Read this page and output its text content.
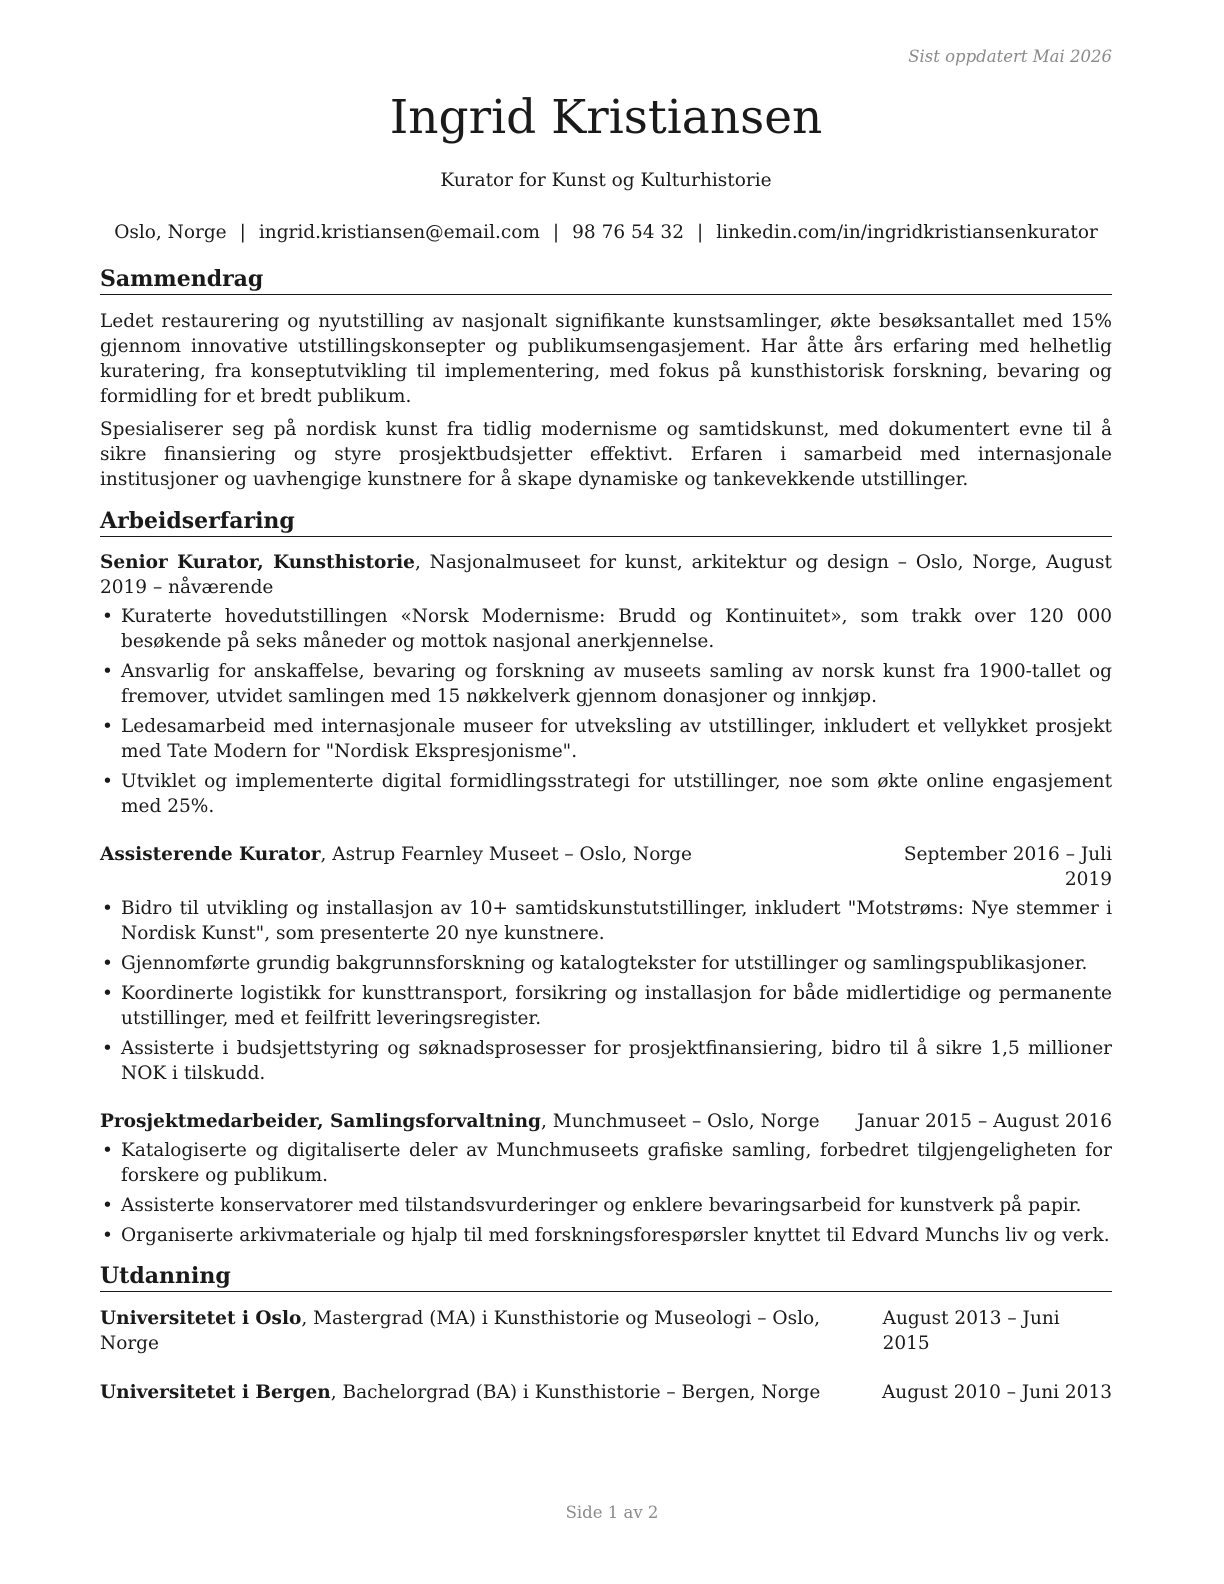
Sist oppdatert Mai 2026
Ingrid Kristiansen
Kurator for Kunst og Kulturhistorie
Oslo, Norge | ingrid.kristiansen@email.com | 98 76 54 32 | linkedin.com/in/ingridkristiansenkurator
Sammendrag

Ledet restaurering og nyutstilling av nasjonalt signifikante kunstsamlinger, økte besøksantallet med 15% gjennom innovative utstillingskonsepter og publikumsengasjement. Har åtte års erfaring med helhetlig kuratering, fra konseptutvikling til implementering, med fokus på kunsthistorisk forskning, bevaring og formidling for et bredt publikum.

Spesialiserer seg på nordisk kunst fra tidlig modernisme og samtidskunst, med dokumentert evne til å sikre finansiering og styre prosjektbudsjetter effektivt. Erfaren i samarbeid med internasjonale institusjoner og uavhengige kunstnere for å skape dynamiske og tankevekkende utstillinger.

Arbeidserfaring

Senior Kurator, Kunsthistorie, Nasjonalmuseet for kunst, arkitektur og design – Oslo, Norge, August 2019 – nåværende

• Kuraterte hovedutstillingen «Norsk Modernisme: Brudd og Kontinuitet», som trakk over 120 000 besøkende på seks måneder og mottok nasjonal anerkjennelse.
• Ansvarlig for anskaffelse, bevaring og forskning av museets samling av norsk kunst fra 1900-tallet og fremover, utvidet samlingen med 15 nøkkelverk gjennom donasjoner og innkjøp.
• Ledesamarbeid med internasjonale museer for utveksling av utstillinger, inkludert et vellykket prosjekt med Tate Modern for "Nordisk Ekspresjonisme".
• Utviklet og implementerte digital formidlingsstrategi for utstillinger, noe som økte online engasjement med 25%.
Assisterende Kurator, Astrup Fearnley Museet – Oslo, Norge	September 2016 – Juli 2019
• Bidro til utvikling og installasjon av 10+ samtidskunstutstillinger, inkludert "Motstrøms: Nye stemmer i Nordisk Kunst", som presenterte 20 nye kunstnere.
• Gjennomførte grundig bakgrunnsforskning og katalogtekster for utstillinger og samlingspublikasjoner.
• Koordinerte logistikk for kunsttransport, forsikring og installasjon for både midlertidige og permanente utstillinger, med et feilfritt leveringsregister.
• Assisterte i budsjettstyring og søknadsprosesser for prosjektfinansiering, bidro til å sikre 1,5 millioner NOK i tilskudd.
Prosjektmedarbeider, Samlingsforvaltning, Munchmuseet – Oslo, Norge Januar 2015 – August 2016
• Katalogiserte og digitaliserte deler av Munchmuseets grafiske samling, forbedret tilgjengeligheten for forskere og publikum.
• Assisterte konservatorer med tilstandsvurderinger og enklere bevaringsarbeid for kunstverk på papir.
• Organiserte arkivmateriale og hjalp til med forskningsforespørsler knyttet til Edvard Munchs liv og verk.
Utdanning
Universitetet i Oslo, Mastergrad (MA) i Kunsthistorie og Museologi – Oslo, Norge
August 2013 – Juni 2015
Universitetet i Bergen, Bachelorgrad (BA) i Kunsthistorie – Bergen, Norge	August 2010 – Juni 2013
Side 1 av 2
